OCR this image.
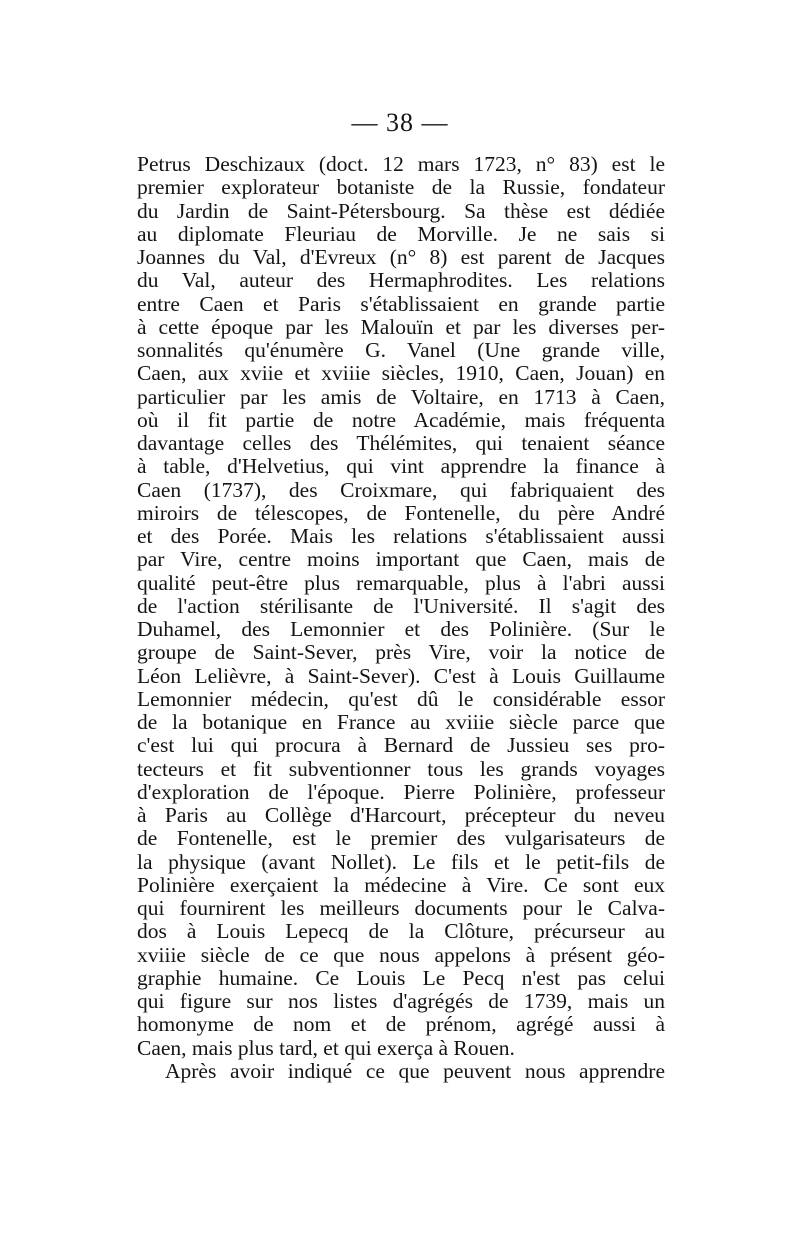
— 38 —
Petrus Deschizaux (doct. 12 mars 1723, n° 83) est le
premier explorateur botaniste de la Russie, fondateur
du Jardin de Saint-Pétersbourg. Sa thèse est dédiée
au diplomate Fleuriau de Morville. Je ne sais si
Joannes du Val, d'Evreux (n° 8) est parent de Jacques
du Val, auteur des Hermaphrodites. Les relations
entre Caen et Paris s'établissaient en grande partie
à cette époque par les Malouïn et par les diverses per-
sonnalités qu'énumère G. Vanel (Une grande ville,
Caen, aux xviie et xviiie siècles, 1910, Caen, Jouan) en
particulier par les amis de Voltaire, en 1713 à Caen,
où il fit partie de notre Académie, mais fréquenta
davantage celles des Thélémites, qui tenaient séance
à table, d'Helvetius, qui vint apprendre la finance à
Caen (1737), des Croixmare, qui fabriquaient des
miroirs de télescopes, de Fontenelle, du père André
et des Porée. Mais les relations s'établissaient aussi
par Vire, centre moins important que Caen, mais de
qualité peut-être plus remarquable, plus à l'abri aussi
de l'action stérilisante de l'Université. Il s'agit des
Duhamel, des Lemonnier et des Polinière. (Sur le
groupe de Saint-Sever, près Vire, voir la notice de
Léon Lelièvre, à Saint-Sever). C'est à Louis Guillaume
Lemonnier médecin, qu'est dû le considérable essor
de la botanique en France au xviiie siècle parce que
c'est lui qui procura à Bernard de Jussieu ses pro-
tecteurs et fit subventionner tous les grands voyages
d'exploration de l'époque. Pierre Polinière, professeur
à Paris au Collège d'Harcourt, précepteur du neveu
de Fontenelle, est le premier des vulgarisateurs de
la physique (avant Nollet). Le fils et le petit-fils de
Polinière exerçaient la médecine à Vire. Ce sont eux
qui fournirent les meilleurs documents pour le Calva-
dos à Louis Lepecq de la Clôture, précurseur au
xviiie siècle de ce que nous appelons à présent géo-
graphie humaine. Ce Louis Le Pecq n'est pas celui
qui figure sur nos listes d'agrégés de 1739, mais un
homonyme de nom et de prénom, agrégé aussi à
Caen, mais plus tard, et qui exerça à Rouen.
Après avoir indiqué ce que peuvent nous apprendre
